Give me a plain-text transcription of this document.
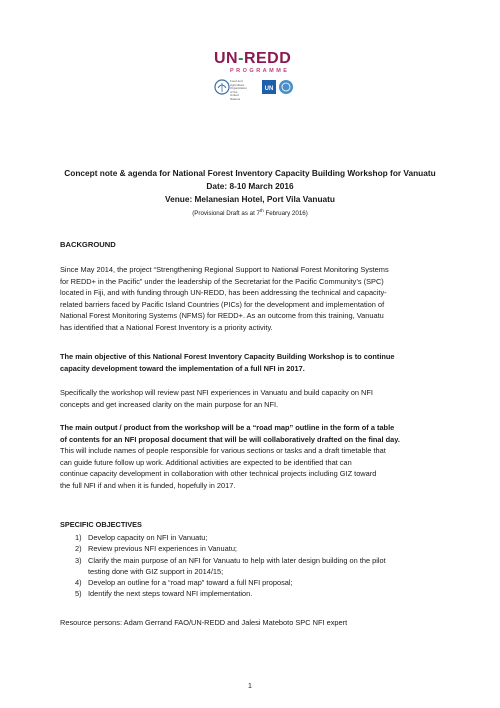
UN-REDD
PROGRAMME
UN
Food and Agriculture Organization of the United Nations
Concept note & agenda for National Forest Inventory Capacity Building Workshop for Vanuatu
Date: 8-10 March 2016
Venue: Melanesian Hotel, Port Vila Vanuatu
(Provisional Draft as at 7th February 2016)
BACKGROUND
Since May 2014, the project “Strengthening Regional Support to National Forest Monitoring Systems
for REDD+ in the Pacific” under the leadership of the Secretariat for the Pacific Community’s (SPC)
located in Fiji, and with funding through UN-REDD, has been addressing the technical and capacity-
related barriers faced by Pacific Island Countries (PICs) for the development and implementation of
National Forest Monitoring Systems (NFMS) for REDD+. As an outcome from this training, Vanuatu
has identified that a National Forest Inventory is a priority activity.
The main objective of this National Forest Inventory Capacity Building Workshop is to continue
capacity development toward the implementation of a full NFI in 2017.
Specifically the workshop will review past NFI experiences in Vanuatu and build capacity on NFI
concepts and get increased clarity on the main purpose for an NFI.
The main output / product from the workshop will be a “road map” outline in the form of a table
of contents for an NFI proposal document that will be will collaboratively drafted on the final day.
This will include names of people responsible for various sections or tasks and a draft timetable that
can guide future follow up work. Additional activities are expected to be identified that can
continue capacity development in collaboration with other technical projects including GIZ toward
the full NFI if and when it is funded, hopefully in 2017.
SPECIFIC OBJECTIVES
1) Develop capacity on NFI in Vanuatu;
2) Review previous NFI experiences in Vanuatu;
3) Clarify the main purpose of an NFI for Vanuatu to help with later design building on the pilot
testing done with GIZ support in 2014/15;
4) Develop an outline for a “road map” toward a full NFI proposal;
5) Identify the next steps toward NFI implementation.
Resource persons: Adam Gerrand FAO/UN-REDD and Jalesi Mateboto SPC NFI expert
1
